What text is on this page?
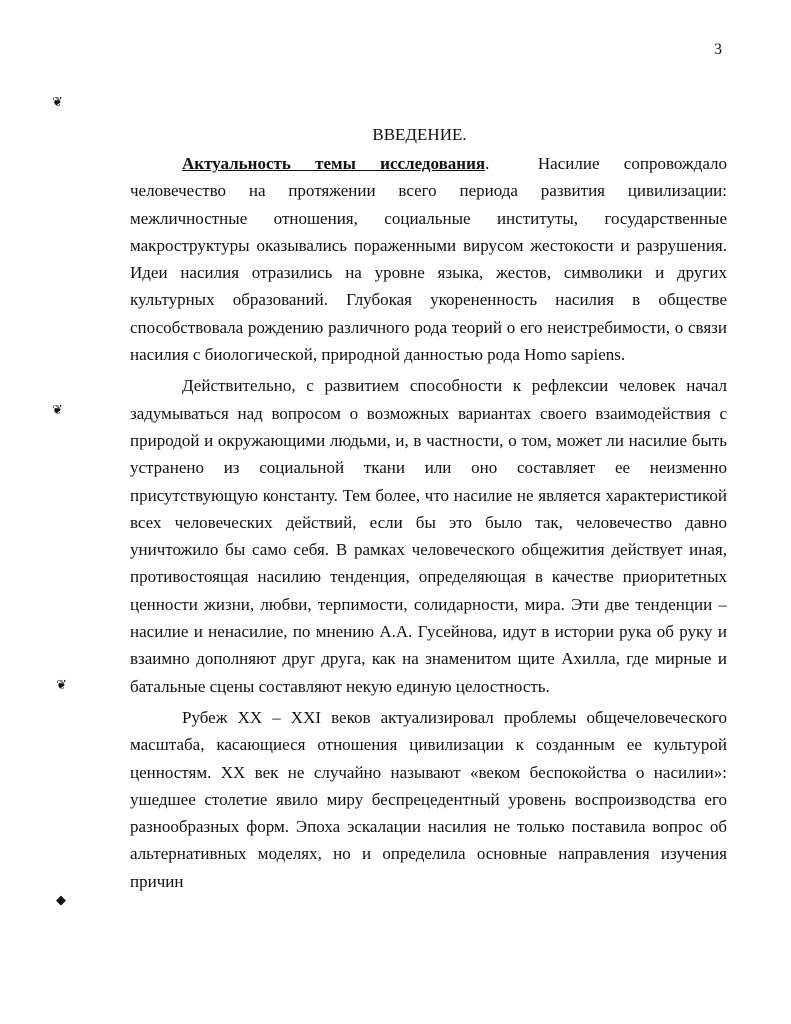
3
❦
❦
❦
◆
ВВЕДЕНИЕ.

Актуальность темы исследования.	Насилие сопровождало человечество на протяжении всего периода развития цивилизации: межличностные отношения, социальные институты, государственные макроструктуры оказывались пораженными вирусом жестокости и разрушения. Идеи насилия отразились на уровне языка, жестов, символики и других культурных образований. Глубокая укорененность насилия в обществе способствовала рождению различного рода теорий о его неистребимости, о связи насилия с биологической, природной данностью рода Homo sapiens.

Действительно, с развитием способности к рефлексии человек начал задумываться над вопросом о возможных вариантах своего взаимодействия с природой и окружающими людьми, и, в частности, о том, может ли насилие быть устранено из социальной ткани или оно составляет ее неизменно присутствующую константу. Тем более, что насилие не является характеристикой всех человеческих действий, если бы это было так, человечество давно уничтожило бы само себя. В рамках человеческого общежития действует иная, противостоящая насилию тенденция, определяющая в качестве приоритетных ценности жизни, любви, терпимости, солидарности, мира. Эти две тенденции – насилие и ненасилие, по мнению А.А. Гусейнова, идут в истории рука об руку и взаимно дополняют друг друга, как на знаменитом щите Ахилла, где мирные и батальные сцены составляют некую единую целостность.

Рубеж XX – XXI веков актуализировал проблемы общечеловеческого масштаба, касающиеся отношения цивилизации к созданным ее культурой ценностям. XX век не случайно называют «веком беспокойства о насилии»: ушедшее столетие явило миру беспрецедентный уровень воспроизводства его разнообразных форм. Эпоха эскалации насилия не только поставила вопрос об альтернативных моделях, но и определила основные направления изучения причин
